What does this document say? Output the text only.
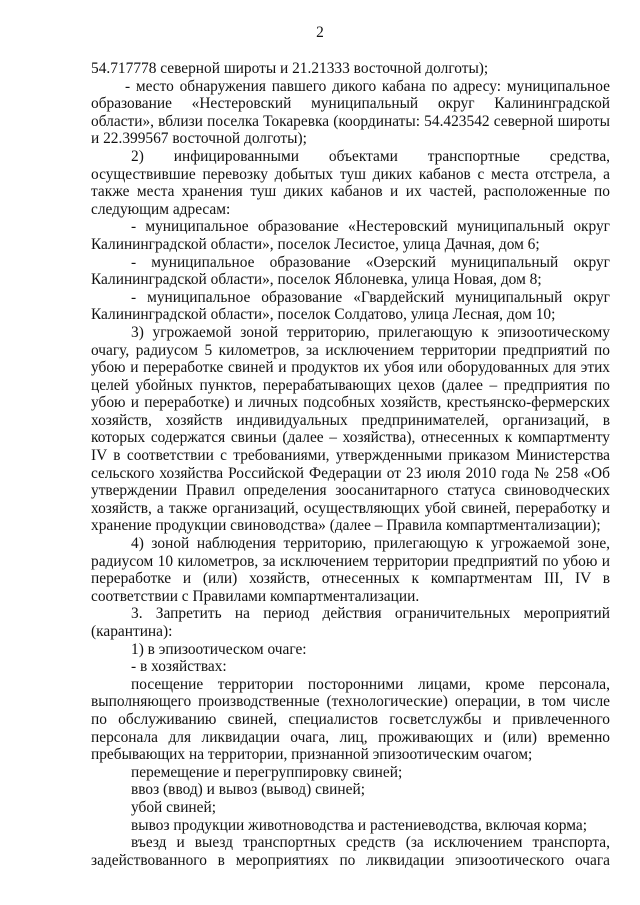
2

54.717778 северной широты и 21.21333 восточной долготы);

- место обнаружения павшего дикого кабана по адресу: муниципальное образование «Нестеровский муниципальный округ Калининградской области», вблизи поселка Токаревка (координаты: 54.423542 северной широты и 22.399567 восточной долготы);

2) инфицированными объектами транспортные средства, осуществившие перевозку добытых туш диких кабанов с места отстрела, а также места хранения туш диких кабанов и их частей, расположенные по следующим адресам:

- муниципальное образование «Нестеровский муниципальный округ Калининградской области», поселок Лесистое, улица Дачная, дом 6;

- муниципальное образование «Озерский муниципальный округ Калининградской области», поселок Яблоневка, улица Новая, дом 8;

- муниципальное образование «Гвардейский муниципальный округ Калининградской области», поселок Солдатово, улица Лесная, дом 10;

3) угрожаемой зоной территорию, прилегающую к эпизоотическому очагу, радиусом 5 километров, за исключением территории предприятий по убою и переработке свиней и продуктов их убоя или оборудованных для этих целей убойных пунктов, перерабатывающих цехов (далее – предприятия по убою и переработке) и личных подсобных хозяйств, крестьянско-фермерских хозяйств, хозяйств индивидуальных предпринимателей, организаций, в которых содержатся свиньи (далее – хозяйства), отнесенных к компартменту IV в соответствии с требованиями, утвержденными приказом Министерства сельского хозяйства Российской Федерации от 23 июля 2010 года № 258 «Об утверждении Правил определения зоосанитарного статуса свиноводческих хозяйств, а также организаций, осуществляющих убой свиней, переработку и хранение продукции свиноводства» (далее – Правила компартментализации);

4) зоной наблюдения территорию, прилегающую к угрожаемой зоне, радиусом 10 километров, за исключением территории предприятий по убою и переработке и (или) хозяйств, отнесенных к компартментам III, IV в соответствии с Правилами компартментализации.

3. Запретить на период действия ограничительных мероприятий (карантина):

1) в эпизоотическом очаге:

- в хозяйствах:

посещение территории посторонними лицами, кроме персонала, выполняющего производственные (технологические) операции, в том числе по обслуживанию свиней, специалистов госветслужбы и привлеченного персонала для ликвидации очага, лиц, проживающих и (или) временно пребывающих на территории, признанной эпизоотическим очагом;

перемещение и перегруппировку свиней;

ввоз (ввод) и вывоз (вывод) свиней;

убой свиней;

вывоз продукции животноводства и растениеводства, включая корма;

въезд и выезд транспортных средств (за исключением транспорта, задействованного в мероприятиях по ликвидации эпизоотического очага
